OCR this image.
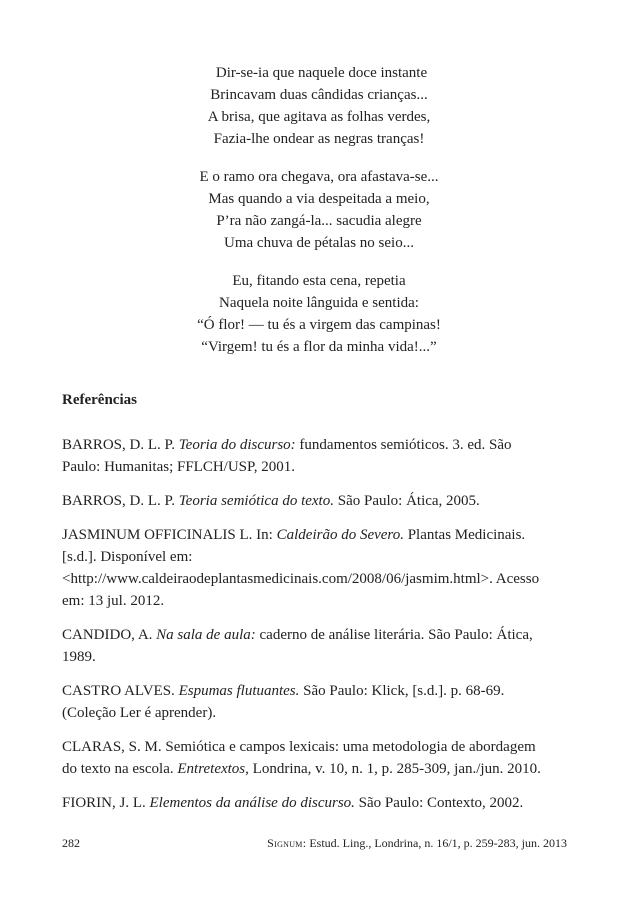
Dir-se-ia que naquele doce instante
Brincavam duas cândidas crianças...
A brisa, que agitava as folhas verdes,
Fazia-lhe ondear as negras tranças!
E o ramo ora chegava, ora afastava-se...
Mas quando a via despeitada a meio,
P’ra não zangá-la... sacudia alegre
Uma chuva de pétalas no seio...
Eu, fitando esta cena, repetia
Naquela noite lânguida e sentida:
“Ó flor! — tu és a virgem das campinas!
“Virgem! tu és a flor da minha vida!...”
Referências

BARROS, D. L. P. Teoria do discurso: fundamentos semióticos. 3. ed. São Paulo: Humanitas; FFLCH/USP, 2001.

BARROS, D. L. P. Teoria semiótica do texto. São Paulo: Ática, 2005.

JASMINUM OFFICINALIS L. In: Caldeirão do Severo. Plantas Medicinais. [s.d.]. Disponível em: <http://www.caldeiraodeplantasmedicinais.com/2008/06/jasmim.html>. Acesso em: 13 jul. 2012.

CANDIDO, A. Na sala de aula: caderno de análise literária. São Paulo: Ática, 1989.

CASTRO ALVES. Espumas flutuantes. São Paulo: Klick, [s.d.]. p. 68-69. (Coleção Ler é aprender).

CLARAS, S. M. Semiótica e campos lexicais: uma metodologia de abordagem do texto na escola. Entretextos, Londrina, v. 10, n. 1, p. 285-309, jan./jun. 2010.

FIORIN, J. L. Elementos da análise do discurso. São Paulo: Contexto, 2002.

282	Signum: Estud. Ling., Londrina, n. 16/1, p. 259-283, jun. 2013
